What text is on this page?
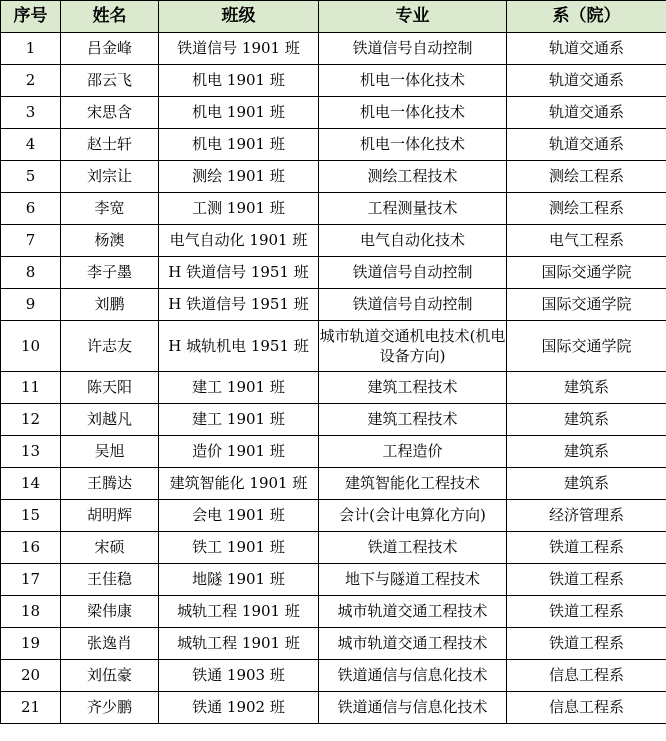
序号	姓名	班级	专业	系（院）
1	吕金峰	铁道信号 1901 班	铁道信号自动控制	轨道交通系
2	邵云飞	机电 1901 班	机电一体化技术	轨道交通系
3	宋思含	机电 1901 班	机电一体化技术	轨道交通系
4	赵士轩	机电 1901 班	机电一体化技术	轨道交通系
5	刘宗让	测绘 1901 班	测绘工程技术	测绘工程系
6	李宽	工测 1901 班	工程测量技术	测绘工程系
7	杨澳	电气自动化 1901 班	电气自动化技术	电气工程系
8	李子墨	H 铁道信号 1951 班	铁道信号自动控制	国际交通学院
9	刘鹏	H 铁道信号 1951 班	铁道信号自动控制	国际交通学院
10	许志友	H 城轨机电 1951 班	城市轨道交通机电技术(机电设备方向)	国际交通学院
11	陈天阳	建工 1901 班	建筑工程技术	建筑系
12	刘越凡	建工 1901 班	建筑工程技术	建筑系
13	吴旭	造价 1901 班	工程造价	建筑系
14	王腾达	建筑智能化 1901 班	建筑智能化工程技术	建筑系
15	胡明辉	会电 1901 班	会计(会计电算化方向)	经济管理系
16	宋硕	铁工 1901 班	铁道工程技术	铁道工程系
17	王佳稳	地隧 1901 班	地下与隧道工程技术	铁道工程系
18	梁伟康	城轨工程 1901 班	城市轨道交通工程技术	铁道工程系
19	张逸肖	城轨工程 1901 班	城市轨道交通工程技术	铁道工程系
20	刘伍豪	铁通 1903 班	铁道通信与信息化技术	信息工程系
21	齐少鹏	铁通 1902 班	铁道通信与信息化技术	信息工程系
